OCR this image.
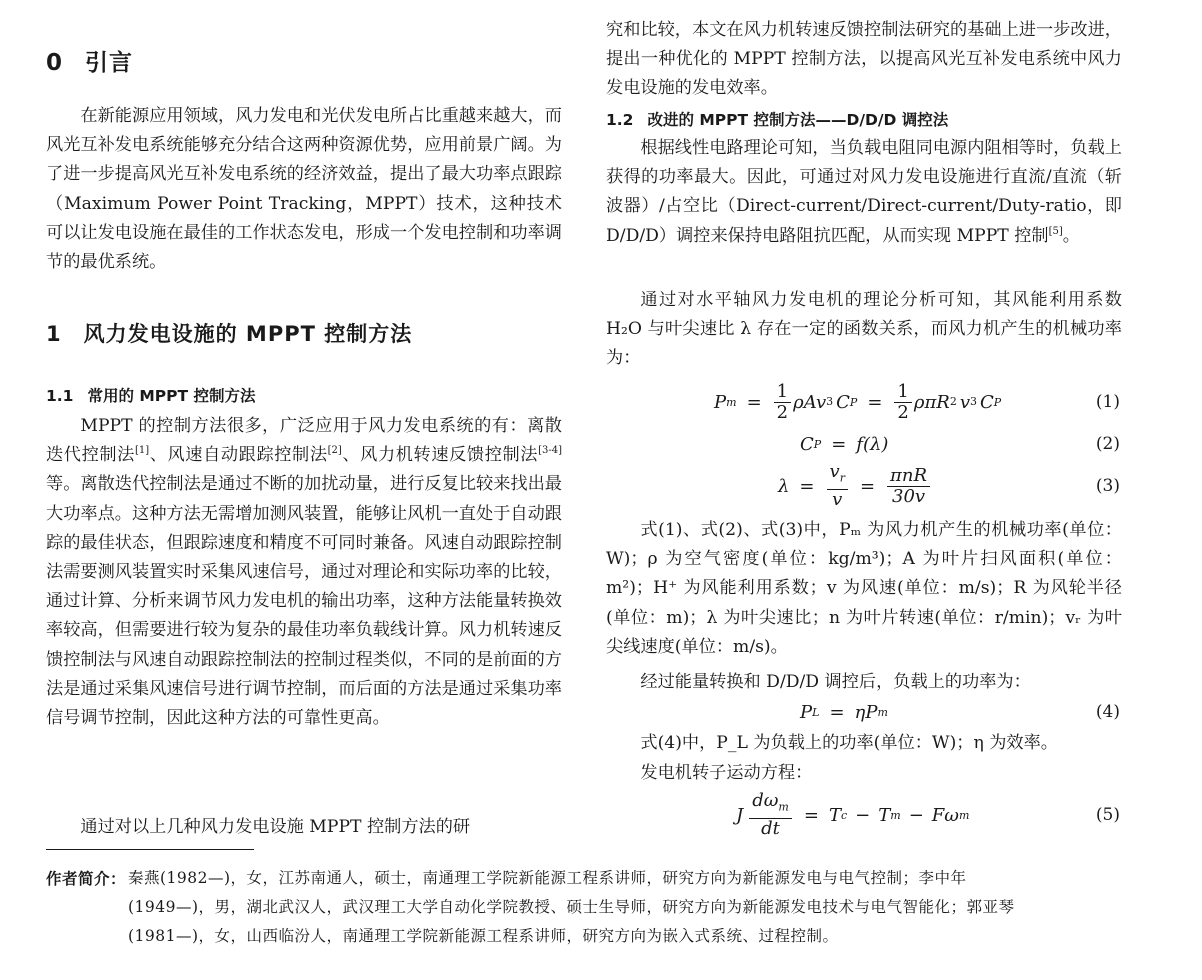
0 引言

在新能源应用领域，风力发电和光伏发电所占比重越来越大，而风光互补发电系统能够充分结合这两种资源优势，应用前景广阔。为了进一步提高风光互补发电系统的经济效益，提出了最大功率点跟踪（Maximum Power Point Tracking，MPPT）技术，这种技术可以让发电设施在最佳的工作状态发电，形成一个发电控制和功率调节的最优系统。

1 风力发电设施的 MPPT 控制方法
1.1 常用的 MPPT 控制方法

MPPT 的控制方法很多，广泛应用于风力发电系统的有：离散迭代控制法[1]、风速自动跟踪控制法[2]、风力机转速反馈控制法[3-4]等。离散迭代控制法是通过不断的加扰动量，进行反复比较来找出最大功率点。这种方法无需增加测风装置，能够让风机一直处于自动跟踪的最佳状态，但跟踪速度和精度不可同时兼备。风速自动跟踪控制法需要测风装置实时采集风速信号，通过对理论和实际功率的比较，通过计算、分析来调节风力发电机的输出功率，这种方法能量转换效率较高，但需要进行较为复杂的最佳功率负载线计算。风力机转速反馈控制法与风速自动跟踪控制法的控制过程类似，不同的是前面的方法是通过采集风速信号进行调节控制，而后面的方法是通过采集功率信号调节控制，因此这种方法的可靠性更高。

通过对以上几种风力发电设施 MPPT 控制方法的研

究和比较，本文在风力机转速反馈控制法研究的基础上进一步改进，提出一种优化的 MPPT 控制方法，以提高风光互补发电系统中风力发电设施的发电效率。

1.2 改进的 MPPT 控制方法——D/D/D 调控法

根据线性电路理论可知，当负载电阻同电源内阻相等时，负载上获得的功率最大。因此，可通过对风力发电设施进行直流/直流（斩波器）/占空比（Direct-current/Direct-current/Duty-ratio，即 D/D/D）调控来保持电路阻抗匹配，从而实现 MPPT 控制[5]。

通过对水平轴风力发电机的理论分析可知，其风能利用系数 H₂O 与叶尖速比 λ 存在一定的函数关系，而风力机产生的机械功率为：

P $m = \frac{1}{2}$ ρAv 3 C $P = \frac{1}{2}$ ρπR 2 v 3 C P	(1)
C P = f(λ)	(2)
$\lambda = \frac{v_r}{v} = \frac{\text{πnR}}{30v}$	(3)

式(1)、式(2)、式(3)中，Pₘ 为风力机产生的机械功率(单位：W)；ρ 为空气密度(单位：kg/m³)；A 为叶片扫风面积(单位：m²)；H⁺ 为风能利用系数；v 为风速(单位：m/s)；R 为风轮半径(单位：m)；λ 为叶尖速比；n 为叶片转速(单位：r/min)；vᵣ 为叶尖线速度(单位：m/s)。

经过能量转换和 D/D/D 调控后，负载上的功率为：

P L = ηP m	(4)

式(4)中，P_L 为负载上的功率(单位：W)；η 为效率。

发电机转子运动方程：

J $\frac{d\omega_m}{dt} = T$ c − T m − Fω m	(5)
作者简介： 秦燕(1982—)，女，江苏南通人，硕士，南通理工学院新能源工程系讲师，研究方向为新能源发电与电气控制；李中年
(1949—)，男，湖北武汉人，武汉理工大学自动化学院教授、硕士生导师，研究方向为新能源发电技术与电气智能化；郭亚琴
(1981—)，女，山西临汾人，南通理工学院新能源工程系讲师，研究方向为嵌入式系统、过程控制。
